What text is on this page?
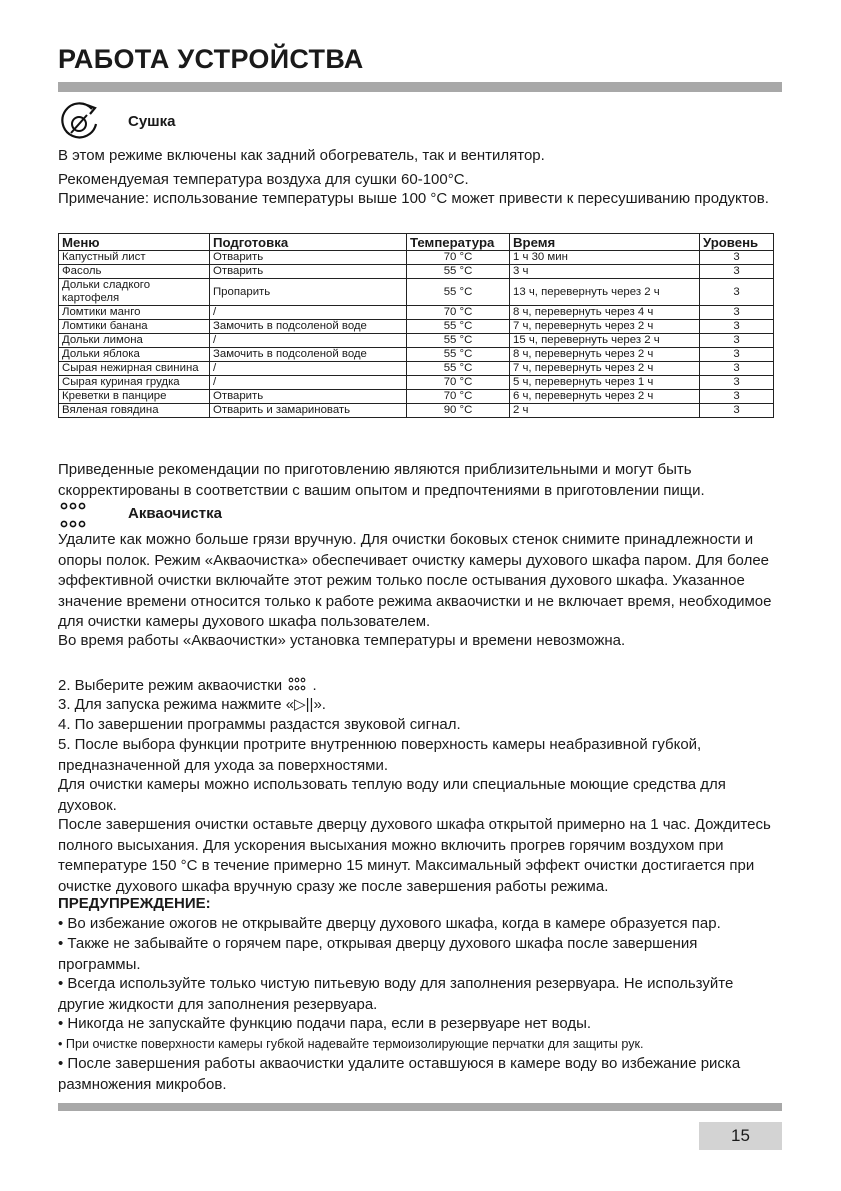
РАБОТА УСТРОЙСТВА
Сушка

В этом режиме включены как задний обогреватель, так и вентилятор.

Рекомендуемая температура воздуха для сушки 60-100°С.

Примечание: использование температуры выше 100 °С может привести к пересушиванию продуктов.

Меню	Подготовка	Температура	Время	Уровень
Капустный лист	Отварить	70 °С	1 ч 30 мин	3
Фасоль	Отварить	55 °С	3 ч	3
Дольки сладкого картофеля	Пропарить	55 °С	13 ч, перевернуть через 2 ч	3
Ломтики манго	/	70 °С	8 ч, перевернуть через 4 ч	3
Ломтики банана	Замочить в подсоленой воде	55 °С	7 ч, перевернуть через 2 ч	3
Дольки лимона	/	55 °С	15 ч, перевернуть через 2 ч	3
Дольки яблока	Замочить в подсоленой воде	55 °С	8 ч, перевернуть через 2 ч	3
Сырая нежирная свинина	/	55 °С	7 ч, перевернуть через 2 ч	3
Сырая куриная грудка	/	70 °С	5 ч, перевернуть через 1 ч	3
Креветки в панцире	Отварить	70 °С	6 ч, перевернуть через 2 ч	3
Вяленая говядина	Отварить и замариновать	90 °С	2 ч	3

Приведенные рекомендации по приготовлению являются приблизительными и могут быть скорректированы в соответствии с вашим опытом и предпочтениями в приготовлении пищи.

Акваочистка

Удалите как можно больше грязи вручную. Для очистки боковых стенок снимите принадлежности и опоры полок. Режим «Акваочистка» обеспечивает очистку камеры духового шкафа паром. Для более эффективной очистки включайте этот режим только после остывания духового шкафа. Указанное значение времени относится только к работе режима акваочистки и не включает время, необходимое для очистки камеры духового шкафа пользователем.

Во время работы «Акваочистки» установка температуры и времени невозможна.

2. Выберите режим акваочистки .

3. Для запуска режима нажмите «▷||».

4. По завершении программы раздастся звуковой сигнал.

5. После выбора функции протрите внутреннюю поверхность камеры неабразивной губкой, предназначенной для ухода за поверхностями.

Для очистки камеры можно использовать теплую воду или специальные моющие средства для духовок.

После завершения очистки оставьте дверцу духового шкафа открытой примерно на 1 час. Дождитесь полного высыхания. Для ускорения высыхания можно включить прогрев горячим воздухом при температуре 150 °С в течение примерно 15 минут. Максимальный эффект очистки достигается при очистке духового шкафа вручную сразу же после завершения работы режима.

ПРЕДУПРЕЖДЕНИЕ:

• Во избежание ожогов не открывайте дверцу духового шкафа, когда в камере образуется пар.

• Также не забывайте о горячем паре, открывая дверцу духового шкафа после завершения программы.

• Всегда используйте только чистую питьевую воду для заполнения резервуара. Не используйте другие жидкости для заполнения резервуара.

• Никогда не запускайте функцию подачи пара, если в резервуаре нет воды.

• При очистке поверхности камеры губкой надевайте термоизолирующие перчатки для защиты рук.

• После завершения работы акваочистки удалите оставшуюся в камере воду во избежание риска размножения микробов.

15
